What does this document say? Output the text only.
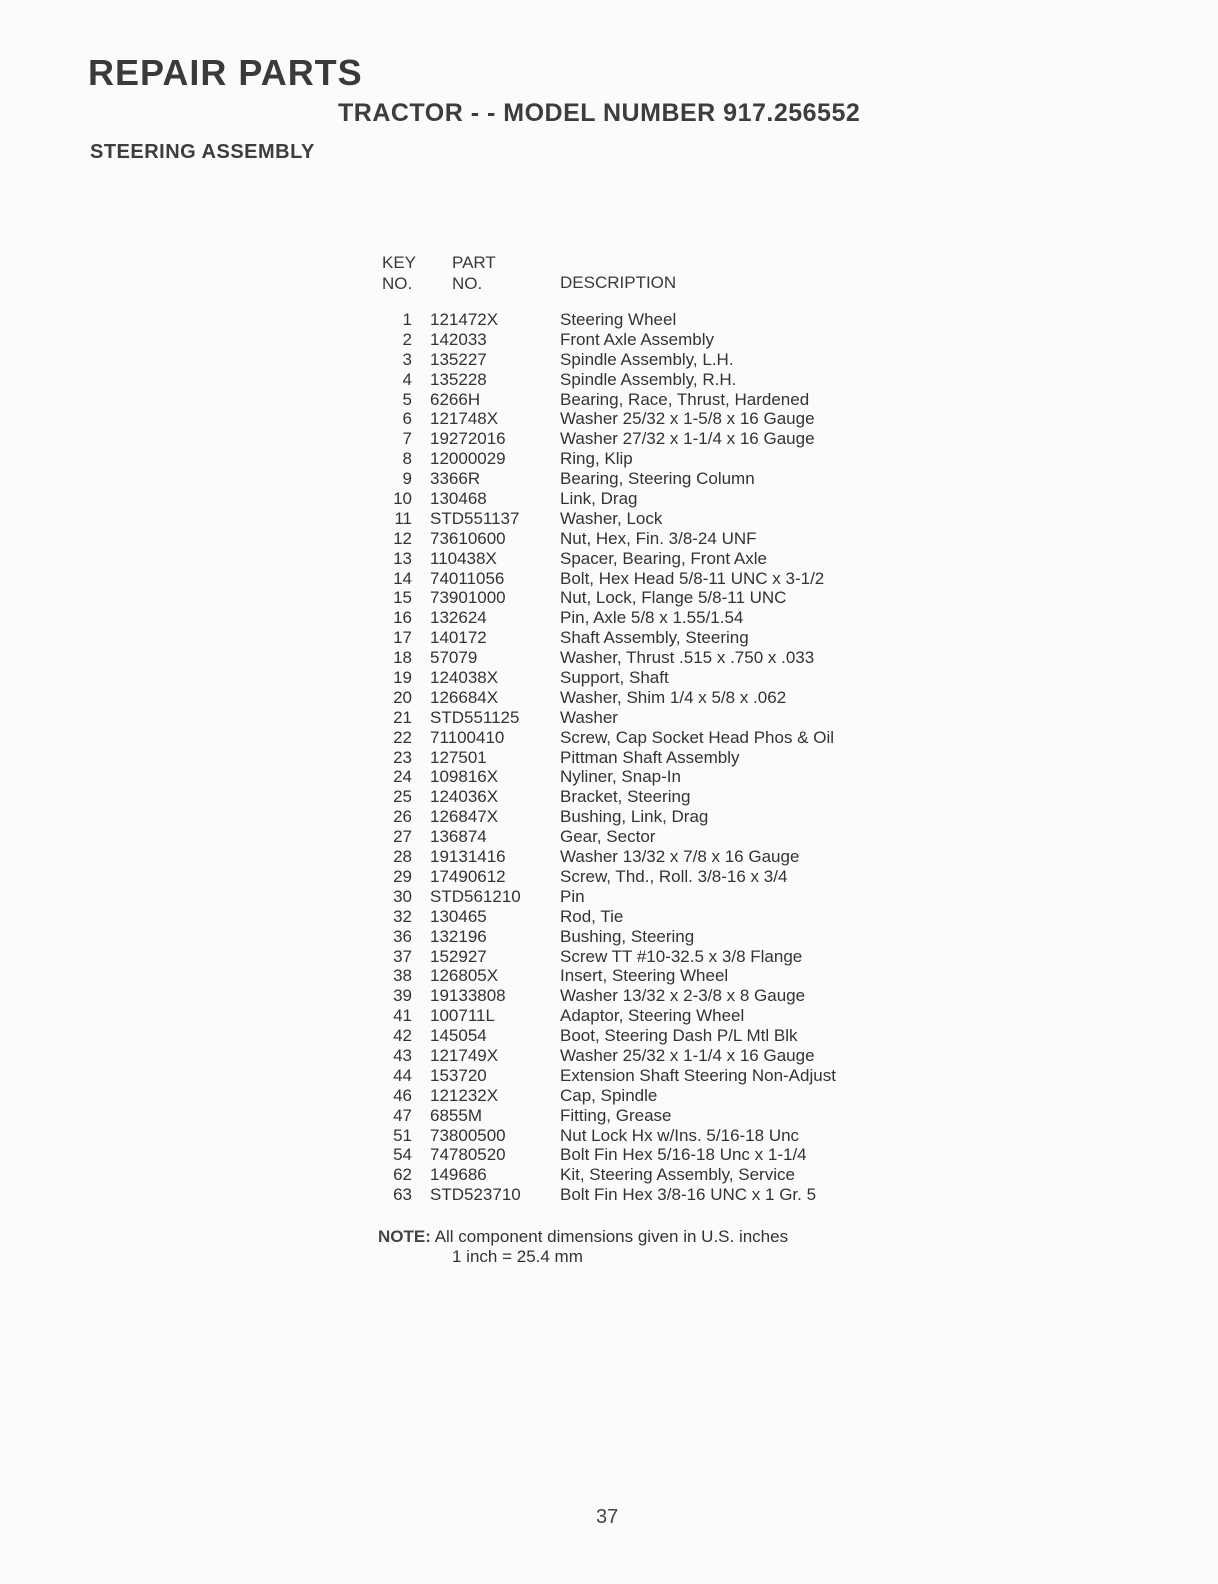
REPAIR PARTS
TRACTOR - - MODEL NUMBER 917.256552
STEERING ASSEMBLY
KEY
NO.
PART
NO.	DESCRIPTION
1	121472X	Steering Wheel
2	142033	Front Axle Assembly
3	135227	Spindle Assembly, L.H.
4	135228	Spindle Assembly, R.H.
5	6266H	Bearing, Race, Thrust, Hardened
6	121748X	Washer 25/32 x 1-5/8 x 16 Gauge
7	19272016	Washer 27/32 x 1-1/4 x 16 Gauge
8	12000029	Ring, Klip
9	3366R	Bearing, Steering Column
10	130468	Link, Drag
11	STD551137	Washer, Lock
12	73610600	Nut, Hex, Fin. 3/8-24 UNF
13	110438X	Spacer, Bearing, Front Axle
14	74011056	Bolt, Hex Head 5/8-11 UNC x 3-1/2
15	73901000	Nut, Lock, Flange 5/8-11 UNC
16	132624	Pin, Axle 5/8 x 1.55/1.54
17	140172	Shaft Assembly, Steering
18	57079	Washer, Thrust .515 x .750 x .033
19	124038X	Support, Shaft
20	126684X	Washer, Shim 1/4 x 5/8 x .062
21	STD551125	Washer
22	71100410	Screw, Cap Socket Head Phos & Oil
23	127501	Pittman Shaft Assembly
24	109816X	Nyliner, Snap-In
25	124036X	Bracket, Steering
26	126847X	Bushing, Link, Drag
27	136874	Gear, Sector
28	19131416	Washer 13/32 x 7/8 x 16 Gauge
29	17490612	Screw, Thd., Roll. 3/8-16 x 3/4
30	STD561210	Pin
32	130465	Rod, Tie
36	132196	Bushing, Steering
37	152927	Screw TT #10-32.5 x 3/8 Flange
38	126805X	Insert, Steering Wheel
39	19133808	Washer 13/32 x 2-3/8 x 8 Gauge
41	100711L	Adaptor, Steering Wheel
42	145054	Boot, Steering Dash P/L Mtl Blk
43	121749X	Washer 25/32 x 1-1/4 x 16 Gauge
44	153720	Extension Shaft Steering Non-Adjust
46	121232X	Cap, Spindle
47	6855M	Fitting, Grease
51	73800500	Nut Lock Hx w/Ins. 5/16-18 Unc
54	74780520	Bolt Fin Hex 5/16-18 Unc x 1-1/4
62	149686	Kit, Steering Assembly, Service
63	STD523710	Bolt Fin Hex 3/8-16 UNC x 1 Gr. 5
NOTE: All component dimensions given in U.S. inches
1 inch = 25.4 mm
37
